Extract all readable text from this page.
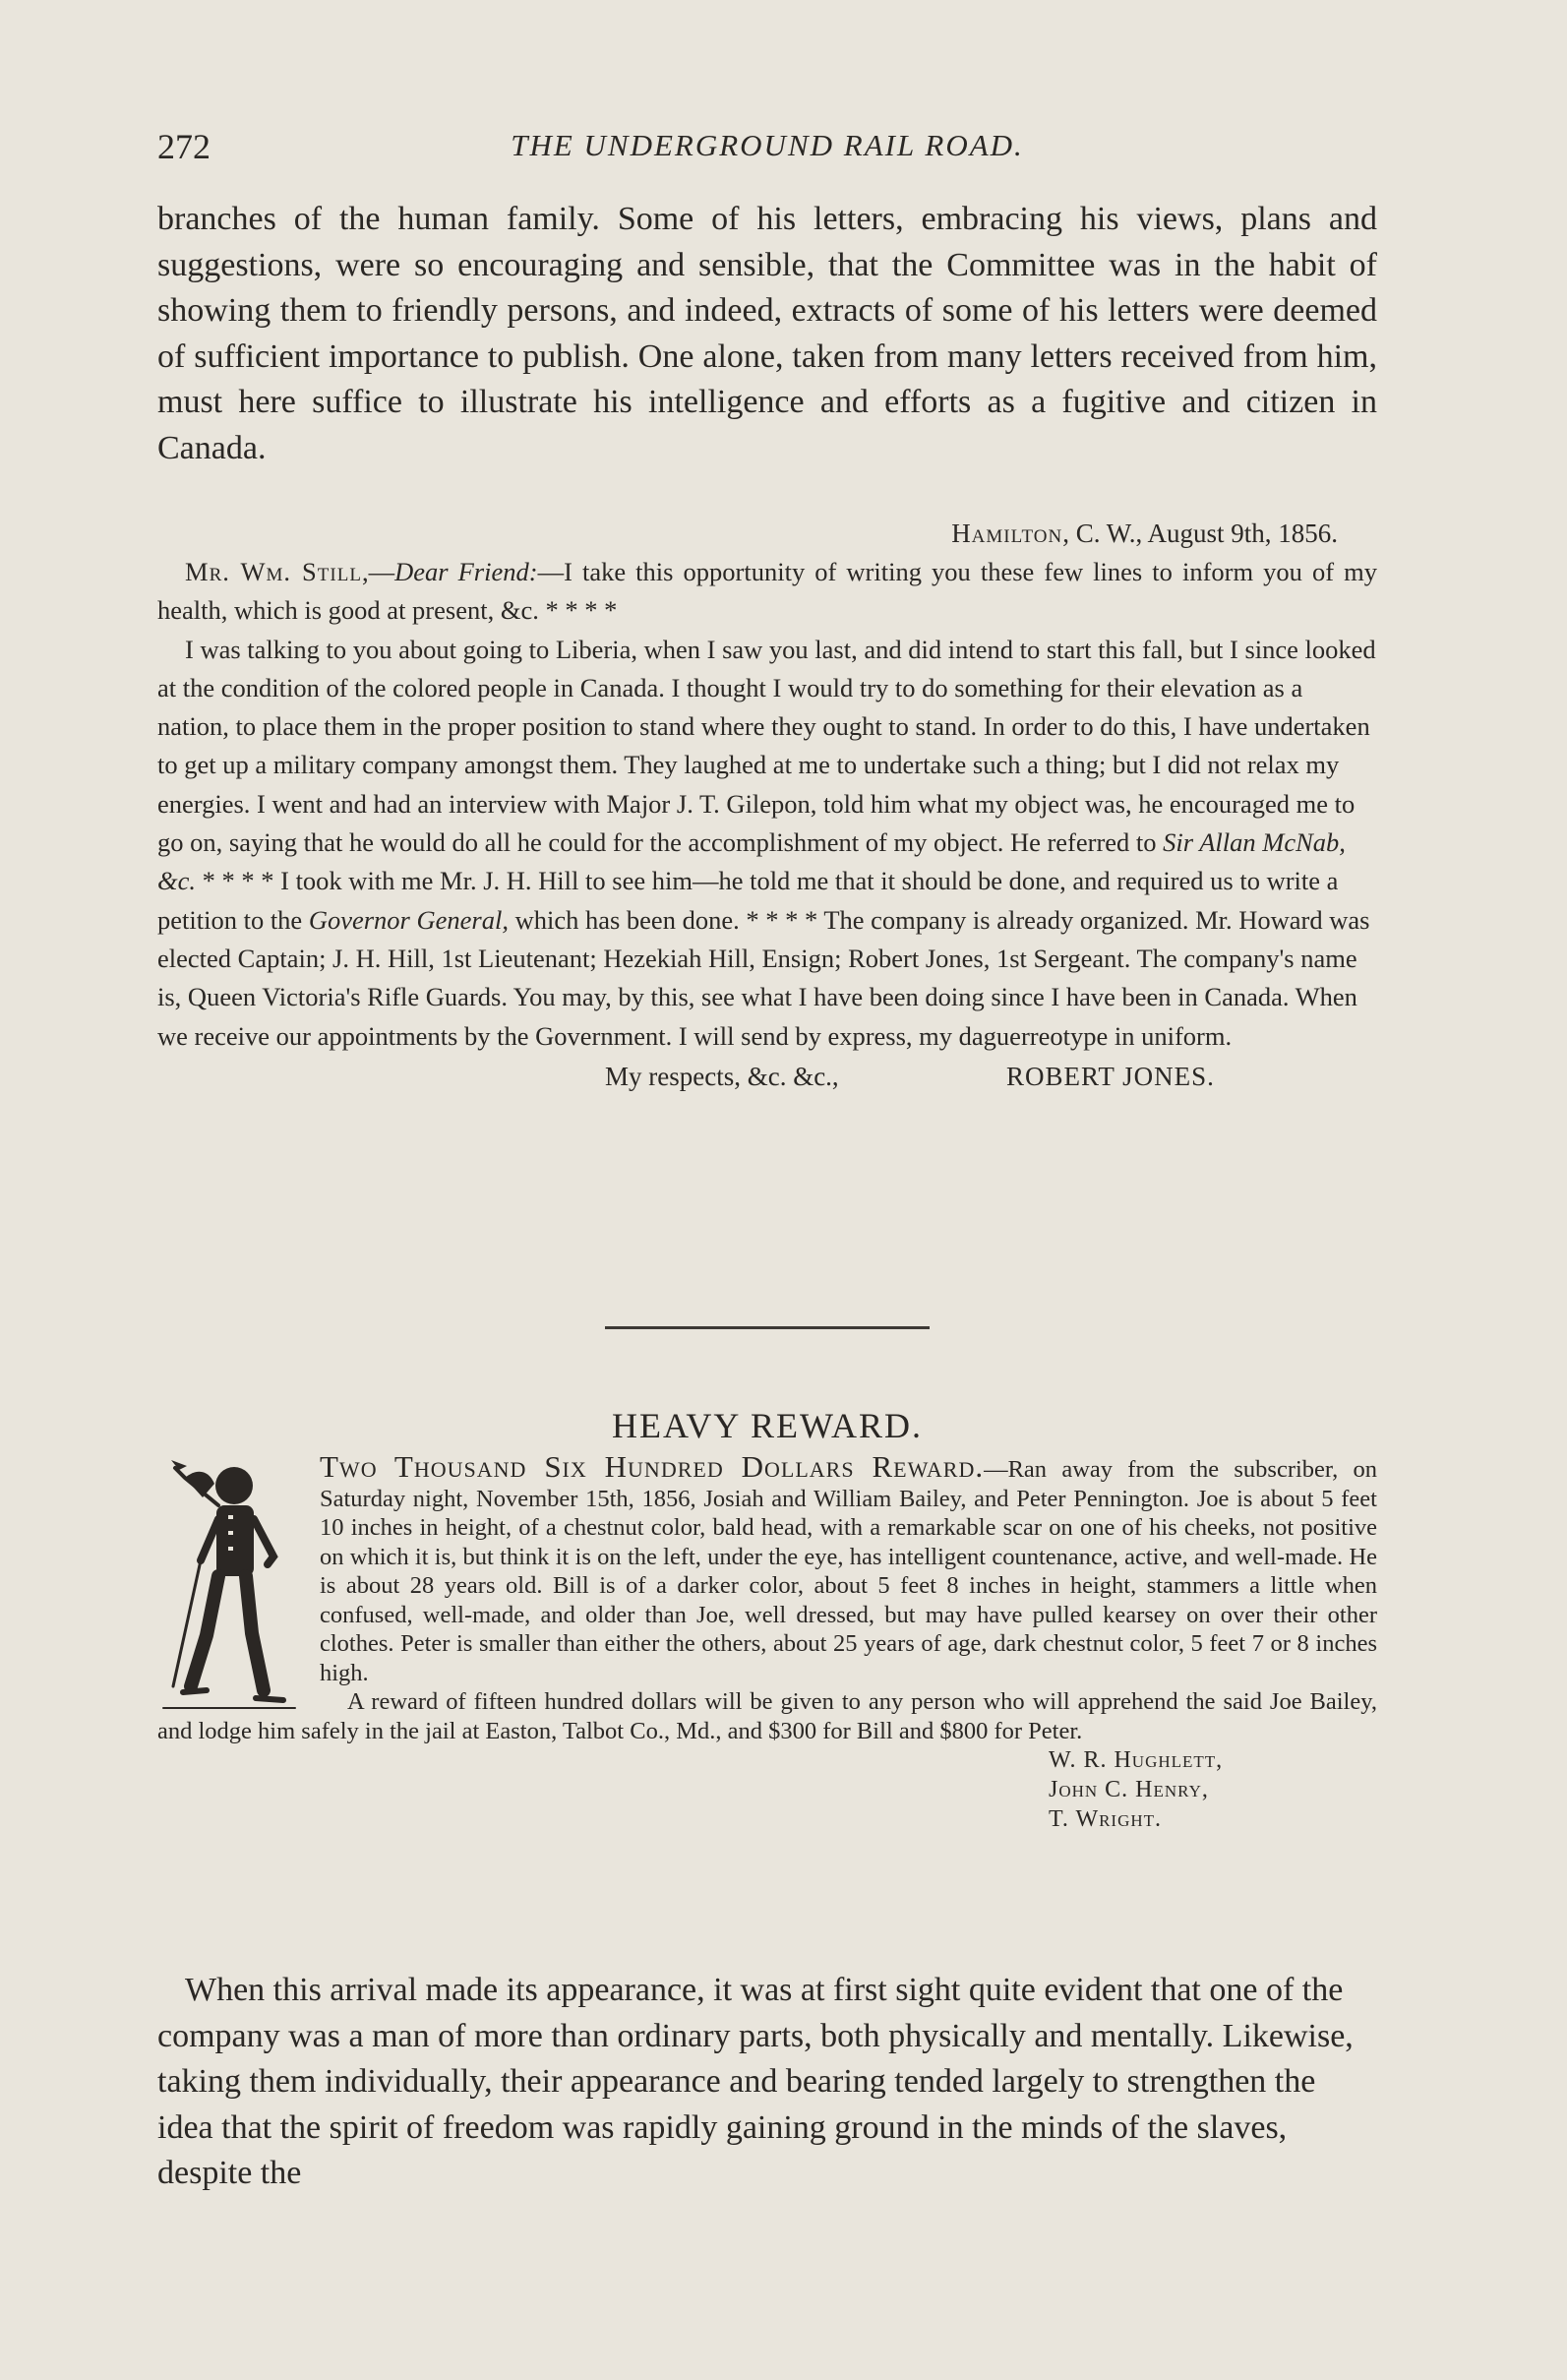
272	THE UNDERGROUND RAIL ROAD.

branches of the human family. Some of his letters, embracing his views, plans and suggestions, were so encouraging and sensible, that the Committee was in the habit of showing them to friendly persons, and indeed, extracts of some of his letters were deemed of sufficient importance to publish. One alone, taken from many letters received from him, must here suffice to illustrate his intelligence and efforts as a fugitive and citizen in Canada.

Hamilton, C. W., August 9th, 1856.

Mr. Wm. Still,—Dear Friend:—I take this opportunity of writing you these few lines to inform you of my health, which is good at present, &c. * * * *

I was talking to you about going to Liberia, when I saw you last, and did intend to start this fall, but I since looked at the condition of the colored people in Canada. I thought I would try to do something for their elevation as a nation, to place them in the proper position to stand where they ought to stand. In order to do this, I have undertaken to get up a military company amongst them. They laughed at me to undertake such a thing; but I did not relax my energies. I went and had an interview with Major J. T. Gilepon, told him what my object was, he encouraged me to go on, saying that he would do all he could for the accomplishment of my object. He referred to Sir Allan McNab, &c. * * * * I took with me Mr. J. H. Hill to see him—he told me that it should be done, and required us to write a petition to the Governor General, which has been done. * * * * The company is already organized. Mr. Howard was elected Captain; J. H. Hill, 1st Lieutenant; Hezekiah Hill, Ensign; Robert Jones, 1st Sergeant. The company's name is, Queen Victoria's Rifle Guards. You may, by this, see what I have been doing since I have been in Canada. When we receive our appointments by the Government. I will send by express, my daguerreotype in uniform.

My respects, &c. &c.,	ROBERT JONES.
HEAVY REWARD.

Two Thousand Six Hundred Dollars Reward.—Ran away from the subscriber, on Saturday night, November 15th, 1856, Josiah and William Bailey, and Peter Pennington. Joe is about 5 feet 10 inches in height, of a chestnut color, bald head, with a remarkable scar on one of his cheeks, not positive on which it is, but think it is on the left, under the eye, has intelligent countenance, active, and well-made. He is about 28 years old. Bill is of a darker color, about 5 feet 8 inches in height, stammers a little when confused, well-made, and older than Joe, well dressed, but may have pulled kearsey on over their other clothes. Peter is smaller than either the others, about 25 years of age, dark chestnut color, 5 feet 7 or 8 inches high.

A reward of fifteen hundred dollars will be given to any person who will apprehend the said Joe Bailey, and lodge him safely in the jail at Easton, Talbot Co., Md., and $300 for Bill and $800 for Peter.

W. R. Hughlett,
John C. Henry,
T. Wright.

When this arrival made its appearance, it was at first sight quite evident that one of the company was a man of more than ordinary parts, both physically and mentally. Likewise, taking them individually, their appearance and bearing tended largely to strengthen the idea that the spirit of freedom was rapidly gaining ground in the minds of the slaves, despite the
